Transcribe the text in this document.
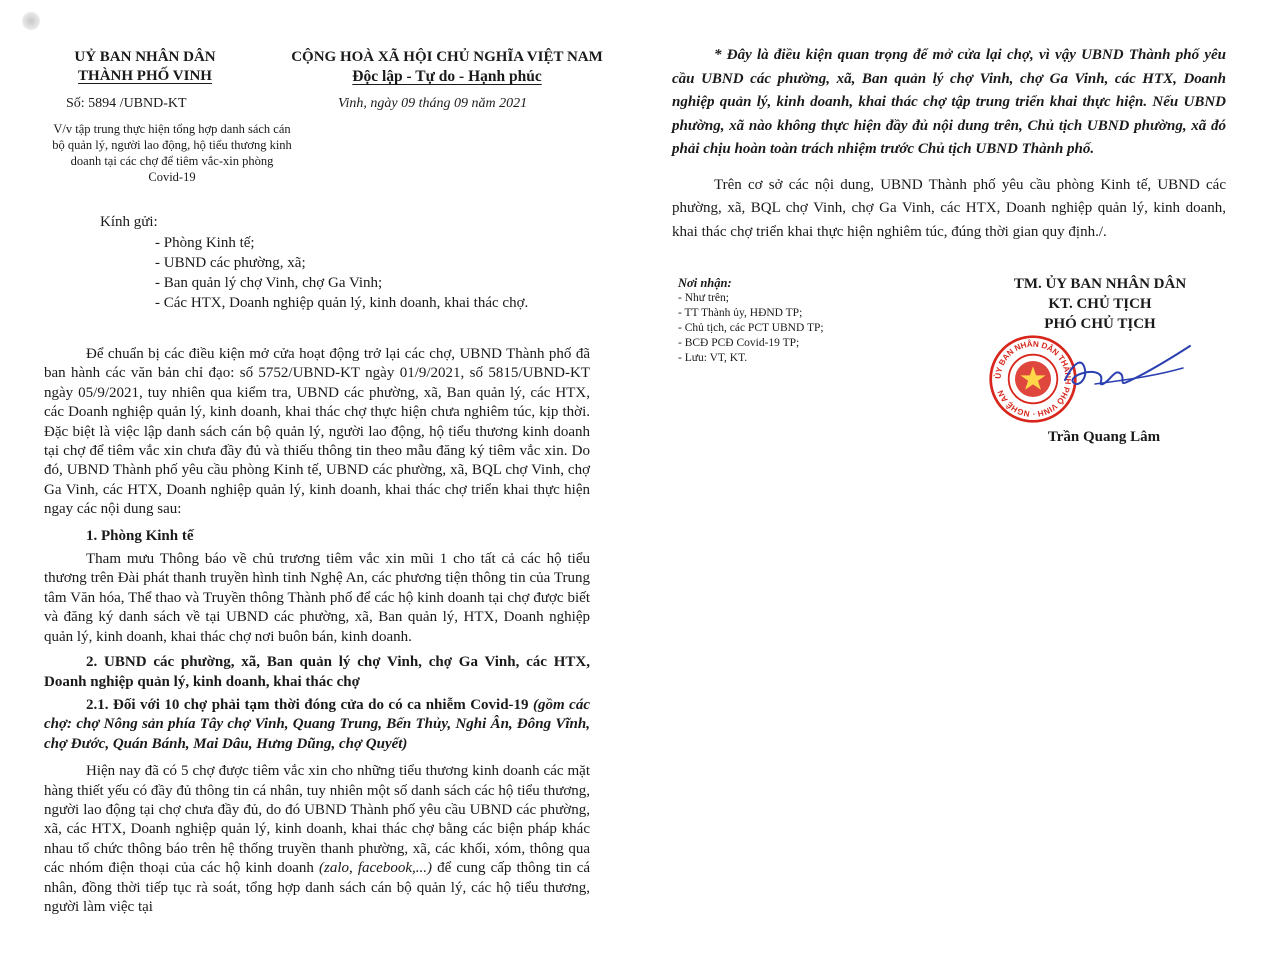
UỶ BAN NHÂN DÂN
THÀNH PHỐ VINH
CỘNG HOÀ XÃ HỘI CHỦ NGHĨA VIỆT NAM
Độc lập - Tự do - Hạnh phúc
Số: 5894 /UBND-KT	Vinh, ngày 09 tháng 09 năm 2021
V/v tập trung thực hiện tổng hợp danh sách cán bộ quản lý, người lao động, hộ tiểu thương kinh doanh tại các chợ để tiêm vắc-xin phòng Covid-19
Kính gửi:
- Phòng Kinh tế;
- UBND các phường, xã;
- Ban quản lý chợ Vinh, chợ Ga Vinh;
- Các HTX, Doanh nghiệp quản lý, kinh doanh, khai thác chợ.

Để chuẩn bị các điều kiện mở cửa hoạt động trở lại các chợ, UBND Thành phố đã ban hành các văn bản chỉ đạo: số 5752/UBND-KT ngày 01/9/2021, số 5815/UBND-KT ngày 05/9/2021, tuy nhiên qua kiểm tra, UBND các phường, xã, Ban quản lý, các HTX, các Doanh nghiệp quản lý, kinh doanh, khai thác chợ thực hiện chưa nghiêm túc, kịp thời. Đặc biệt là việc lập danh sách cán bộ quản lý, người lao động, hộ tiểu thương kinh doanh tại chợ để tiêm vắc xin chưa đầy đủ và thiếu thông tin theo mẫu đăng ký tiêm vắc xin. Do đó, UBND Thành phố yêu cầu phòng Kinh tế, UBND các phường, xã, BQL chợ Vinh, chợ Ga Vinh, các HTX, Doanh nghiệp quản lý, kinh doanh, khai thác chợ triển khai thực hiện ngay các nội dung sau:

1. Phòng Kinh tế

Tham mưu Thông báo về chủ trương tiêm vắc xin mũi 1 cho tất cả các hộ tiểu thương trên Đài phát thanh truyền hình tỉnh Nghệ An, các phương tiện thông tin của Trung tâm Văn hóa, Thể thao và Truyền thông Thành phố để các hộ kinh doanh tại chợ được biết và đăng ký danh sách về tại UBND các phường, xã, Ban quản lý, HTX, Doanh nghiệp quản lý, kinh doanh, khai thác chợ nơi buôn bán, kinh doanh.

2. UBND các phường, xã, Ban quản lý chợ Vinh, chợ Ga Vinh, các HTX, Doanh nghiệp quản lý, kinh doanh, khai thác chợ

2.1. Đối với 10 chợ phải tạm thời đóng cửa do có ca nhiễm Covid-19 (gồm các chợ: chợ Nông sản phía Tây chợ Vinh, Quang Trung, Bến Thủy, Nghi Ân, Đông Vĩnh, chợ Đước, Quán Bánh, Mai Dâu, Hưng Dũng, chợ Quyết)

Hiện nay đã có 5 chợ được tiêm vắc xin cho những tiểu thương kinh doanh các mặt hàng thiết yếu có đầy đủ thông tin cá nhân, tuy nhiên một số danh sách các hộ tiểu thương, người lao động tại chợ chưa đầy đủ, do đó UBND Thành phố yêu cầu UBND các phường, xã, các HTX, Doanh nghiệp quản lý, kinh doanh, khai thác chợ bằng các biện pháp khác nhau tổ chức thông báo trên hệ thống truyền thanh phường, xã, các khối, xóm, thông qua các nhóm điện thoại của các hộ kinh doanh (zalo, facebook,...) để cung cấp thông tin cá nhân, đồng thời tiếp tục rà soát, tổng hợp danh sách cán bộ quản lý, các hộ tiểu thương, người làm việc tại

* Đây là điều kiện quan trọng để mở cửa lại chợ, vì vậy UBND Thành phố yêu cầu UBND các phường, xã, Ban quản lý chợ Vinh, chợ Ga Vinh, các HTX, Doanh nghiệp quản lý, kinh doanh, khai thác chợ tập trung triển khai thực hiện. Nếu UBND phường, xã nào không thực hiện đầy đủ nội dung trên, Chủ tịch UBND phường, xã đó phải chịu hoàn toàn trách nhiệm trước Chủ tịch UBND Thành phố.

Trên cơ sở các nội dung, UBND Thành phố yêu cầu phòng Kinh tế, UBND các phường, xã, BQL chợ Vinh, chợ Ga Vinh, các HTX, Doanh nghiệp quản lý, kinh doanh, khai thác chợ triển khai thực hiện nghiêm túc, đúng thời gian quy định./.

Nơi nhận:
- Như trên;
- TT Thành ủy, HĐND TP;
- Chủ tịch, các PCT UBND TP;
- BCĐ PCĐ Covid-19 TP;
- Lưu: VT, KT.
TM. ỦY BAN NHÂN DÂN
KT. CHỦ TỊCH
PHÓ CHỦ TỊCH
ỦY BAN NHÂN DÂN THÀNH PHỐ VINH · NGHỆ AN
Trần Quang Lâm
